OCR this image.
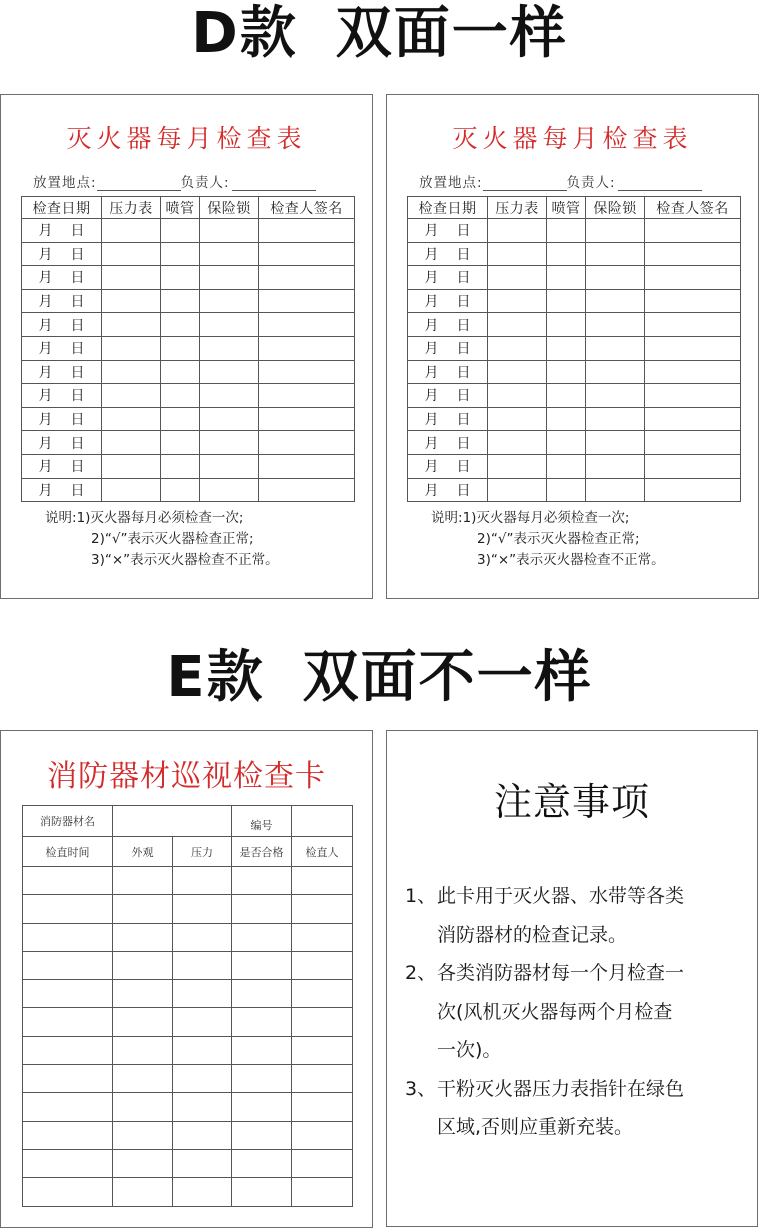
D款 双面一样
灭火器每月检查表
放置地点:	负责人:
检查日期	压力表	喷管	保险锁	检查人签名
月 日				
月 日				
月 日				
月 日				
月 日				
月 日				
月 日				
月 日				
月 日				
月 日				
月 日				
月 日				
说明:1)灭火器每月必须检查一次;
2)“√”表示灭火器检查正常;
3)“×”表示灭火器检查不正常。
灭火器每月检查表
放置地点:	负责人:
检查日期	压力表	喷管	保险锁	检查人签名
月 日				
月 日				
月 日				
月 日				
月 日				
月 日				
月 日				
月 日				
月 日				
月 日				
月 日				
月 日				
说明:1)灭火器每月必须检查一次;
2)“√”表示灭火器检查正常;
3)“×”表示灭火器检查不正常。
E款 双面不一样
消防器材巡视检查卡
消防器材名			编号	
检直时间	外观	压力	是否合格	检直人

注意事项
1、此卡用于灭火器、水带等各类
消防器材的检查记录。
2、各类消防器材每一个月检查一
次(风机灭火器每两个月检查
一次)。
3、干粉灭火器压力表指针在绿色
区域,否则应重新充装。
